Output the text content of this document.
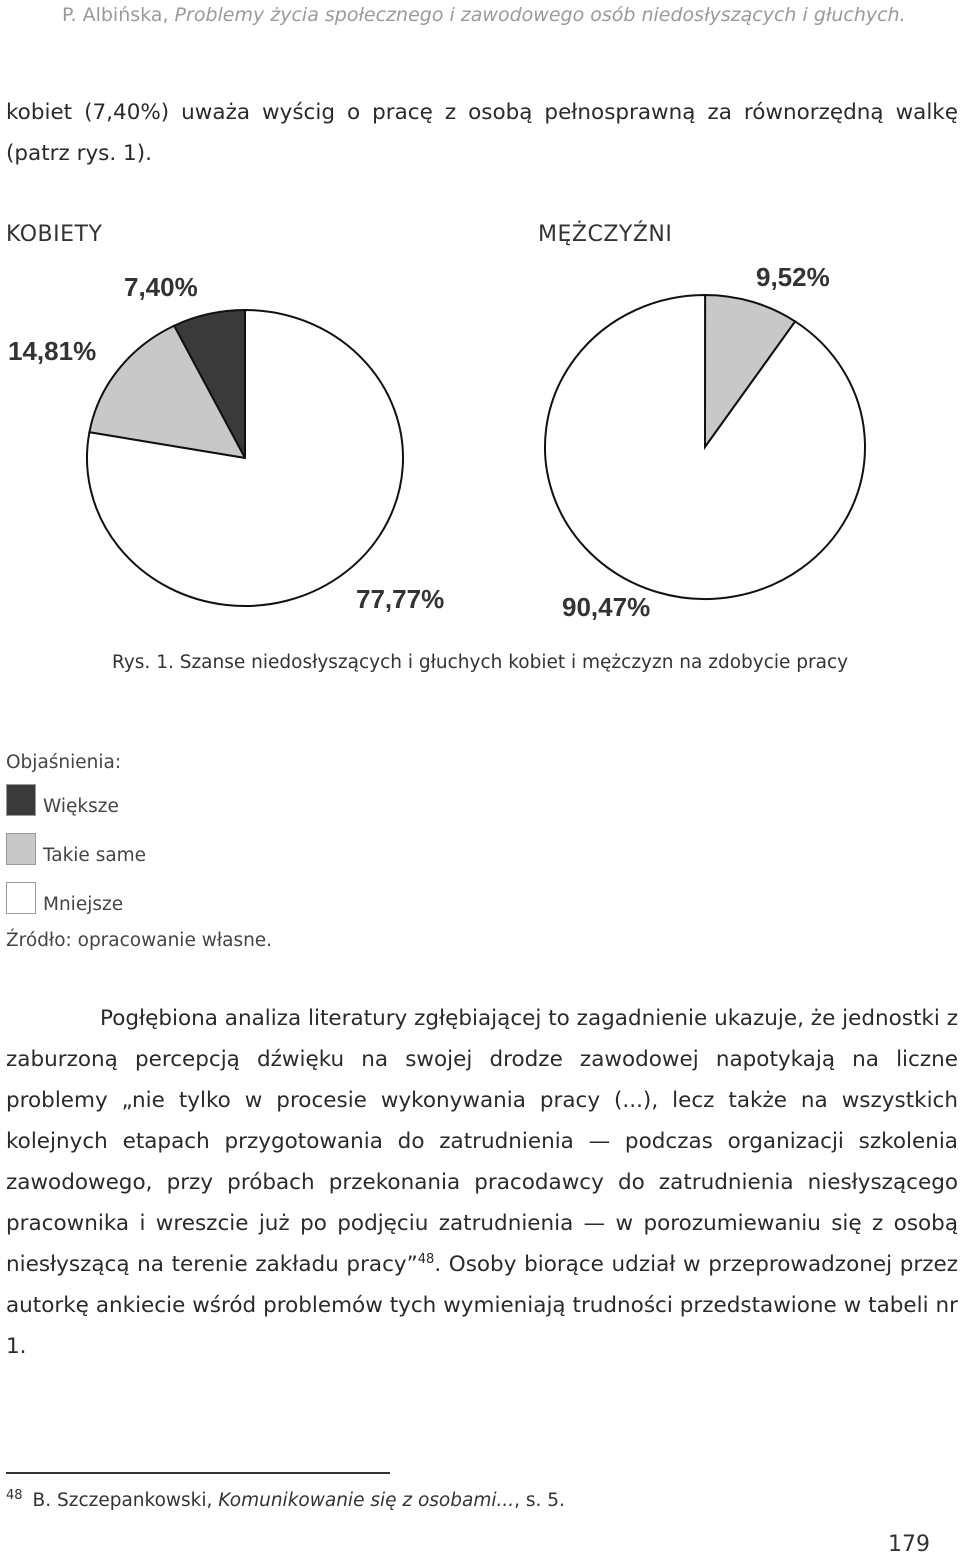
P. Albińska, Problemy życia społecznego i zawodowego osób niedosłyszących i głuchych.
kobiet (7,40%) uważa wyścig o pracę z osobą pełnosprawną za równorzędną walkę (patrz rys. 1).
KOBIETY	MĘŻCZYŹNI
7,40%
14,81%
77,77%
9,52%
90,47%
Rys. 1. Szanse niedosłyszących i głuchych kobiet i mężczyzn na zdobycie pracy
Objaśnienia:
Większe
Takie same
Mniejsze
Źródło: opracowanie własne.
Pogłębiona analiza literatury zgłębiającej to zagadnienie ukazuje, że jednostki z zaburzoną percepcją dźwięku na swojej drodze zawodowej napotykają na liczne problemy „nie tylko w procesie wykonywania pracy (...), lecz także na wszystkich kolejnych etapach przygotowania do zatrudnienia — podczas organizacji szkolenia zawodowego, przy próbach przekonania pracodawcy do zatrudnienia niesłyszącego pracownika i wreszcie już po podjęciu zatrudnienia — w porozumiewaniu się z osobą niesłyszącą na terenie zakładu pracy”$^{48}$. Osoby biorące udział w przeprowadzonej przez autorkę ankiecie wśród problemów tych wymieniają trudności przedstawione w tabeli nr 1.
$^{48}$ B. Szczepankowski, Komunikowanie się z osobami..., s. 5.
179
